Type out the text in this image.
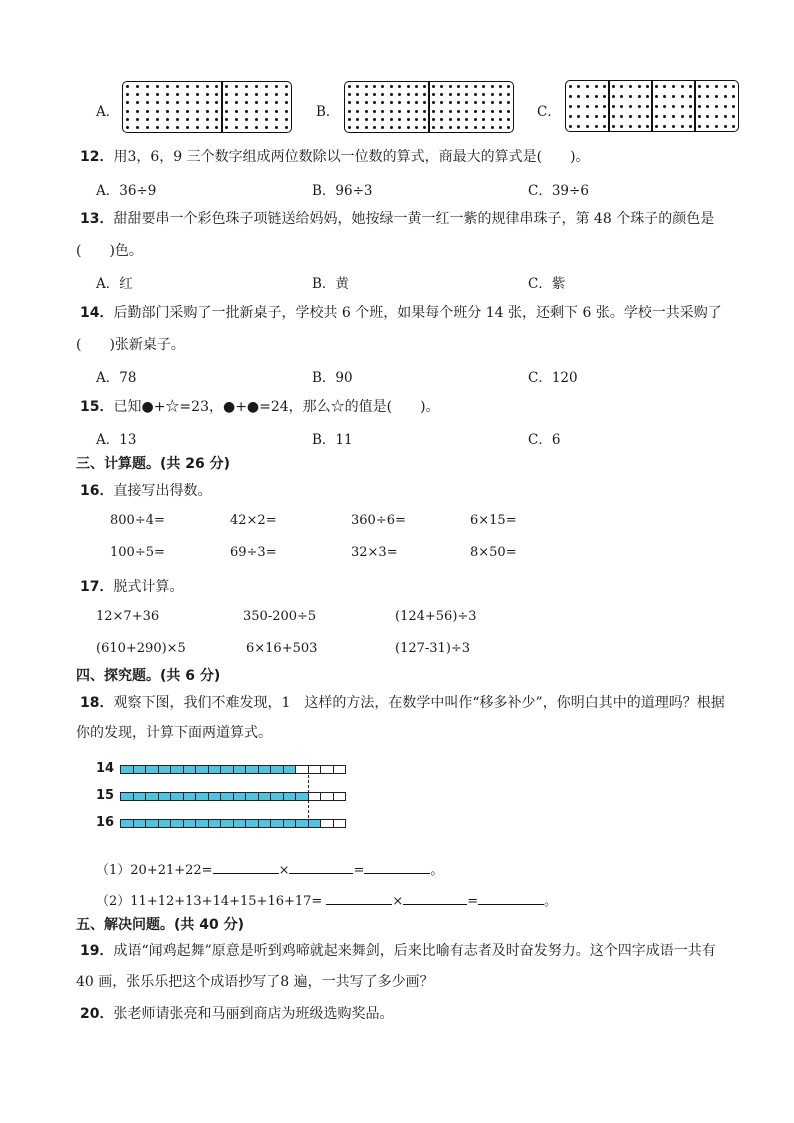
A．	B．	C．
12．用3，6，9 三个数字组成两位数除以一位数的算式，商最大的算式是(　　)。
A．36÷9	B．96÷3	C．39÷6
13．甜甜要串一个彩色珠子项链送给妈妈，她按绿一黄一红一紫的规律串珠子，第 48 个珠子的颜色是
(　　)色。
A．红	B．黄	C．紫
14．后勤部门采购了一批新桌子，学校共 6 个班，如果每个班分 14 张，还剩下 6 张。学校一共采购了
(　　)张新桌子。
A．78	B．90	C．120
15．已知●+☆=23，●+●=24，那么☆的值是(　　)。
A．13	B．11	C．6
三、计算题。(共 26 分)
16．直接写出得数。
800÷4=	42×2=	360÷6=	6×15=
100÷5=	69÷3=	32×3=	8×50=
17．脱式计算。
12×7+36	350-200÷5	(124+56)÷3
(610+290)×5	6×16+503	(127-31)÷3
四、探究题。(共 6 分)
18．观察下图，我们不难发现，1　这样的方法，在数学中叫作“移多补少”，你明白其中的道理吗？根据
你的发现，计算下面两道算式。
14
15
16
（1）20+21+22=	×	=	。
（2）11+12+13+14+15+16+17=	×	=	。
五、解决问题。(共 40 分)
19．成语“闻鸡起舞”原意是听到鸡啼就起来舞剑，后来比喻有志者及时奋发努力。这个四字成语一共有
40 画，张乐乐把这个成语抄写了8 遍，一共写了多少画？
20．张老师请张亮和马丽到商店为班级选购奖品。
